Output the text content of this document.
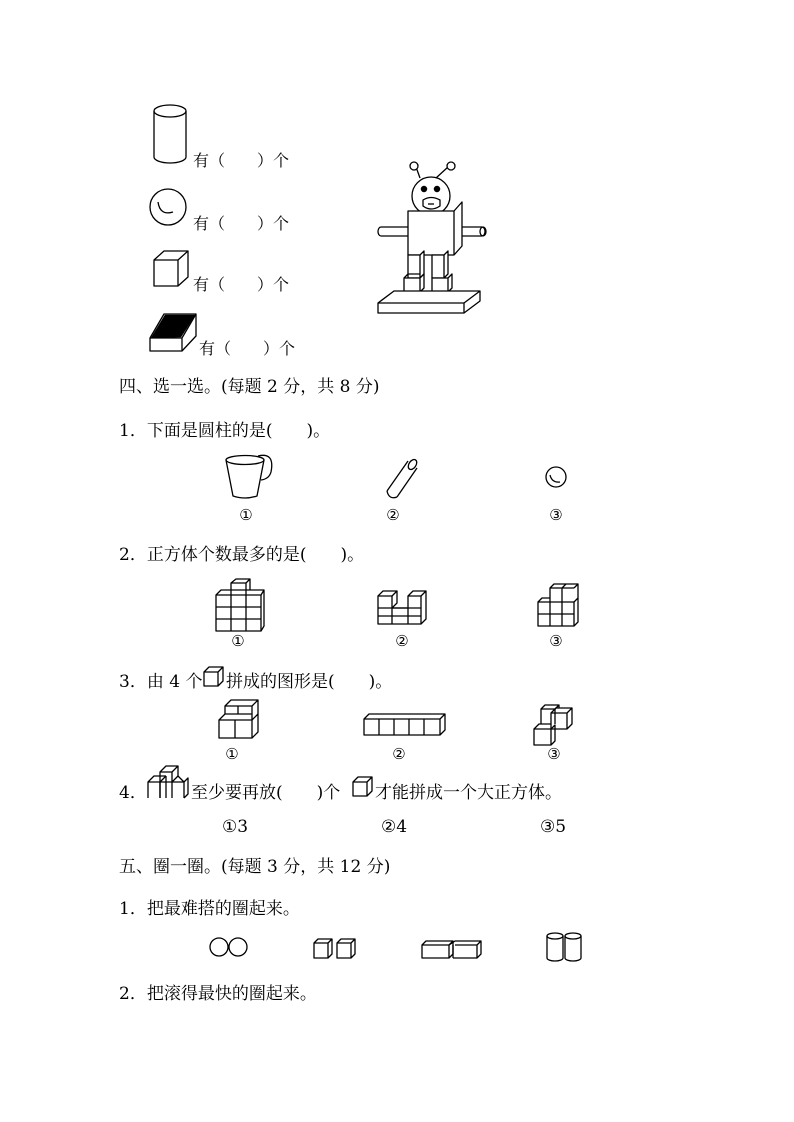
有（　　）个
有（　　）个
有（　　）个
有（　　）个
四、选一选。(每题 2 分，共 8 分)
1．下面是圆柱的是(　　)。
①	②	③
2．正方体个数最多的是(　　)。
①	②	③
3．由 4 个 拼成的图形是(　　)。
①	②	③
4．	至少要再放(　　)个 才能拼成一个大正方体。
①3	②4	③5
五、圈一圈。(每题 3 分，共 12 分)
1．把最难搭的圈起来。
2．把滚得最快的圈起来。
